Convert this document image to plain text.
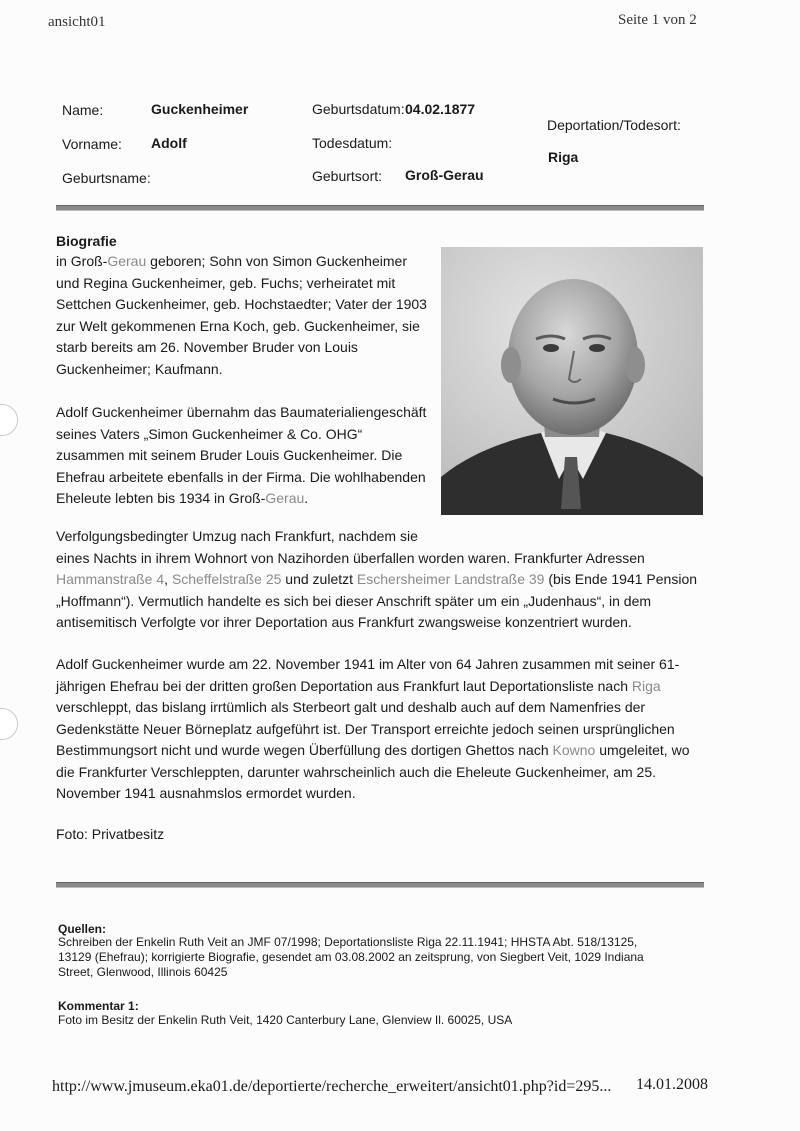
ansicht01	Seite 1 von 2
Name:	Guckenheimer
Vorname: Adolf
Geburtsname:
Geburtsdatum: 04.02.1877
Todesdatum:
Geburtsort: Groß-Gerau
Deportation/Todesort:
Riga
Biografie
in Groß-Gerau geboren; Sohn von Simon Guckenheimer
und Regina Guckenheimer, geb. Fuchs; verheiratet mit
Settchen Guckenheimer, geb. Hochstaedter; Vater der 1903
zur Welt gekommenen Erna Koch, geb. Guckenheimer, sie
starb bereits am 26. November Bruder von Louis
Guckenheimer; Kaufmann.
Adolf Guckenheimer übernahm das Baumaterialiengeschäft
seines Vaters „Simon Guckenheimer & Co. OHG“
zusammen mit seinem Bruder Louis Guckenheimer. Die
Ehefrau arbeitete ebenfalls in der Firma. Die wohlhabenden
Eheleute lebten bis 1934 in Groß-Gerau.
Verfolgungsbedingter Umzug nach Frankfurt, nachdem sie
eines Nachts in ihrem Wohnort von Nazihorden überfallen worden waren. Frankfurter Adressen
Hammanstraße 4, Scheffelstraße 25 und zuletzt Eschersheimer Landstraße 39 (bis Ende 1941 Pension
„Hoffmann“). Vermutlich handelte es sich bei dieser Anschrift später um ein „Judenhaus“, in dem
antisemitisch Verfolgte vor ihrer Deportation aus Frankfurt zwangsweise konzentriert wurden.
Adolf Guckenheimer wurde am 22. November 1941 im Alter von 64 Jahren zusammen mit seiner 61-
jährigen Ehefrau bei der dritten großen Deportation aus Frankfurt laut Deportationsliste nach Riga
verschleppt, das bislang irrtümlich als Sterbeort galt und deshalb auch auf dem Namenfries der
Gedenkstätte Neuer Börneplatz aufgeführt ist. Der Transport erreichte jedoch seinen ursprünglichen
Bestimmungsort nicht und wurde wegen Überfüllung des dortigen Ghettos nach Kowno umgeleitet, wo
die Frankfurter Verschleppten, darunter wahrscheinlich auch die Eheleute Guckenheimer, am 25.
November 1941 ausnahmslos ermordet wurden.
Foto: Privatbesitz
Quellen:
Schreiben der Enkelin Ruth Veit an JMF 07/1998; Deportationsliste Riga 22.11.1941; HHSTA Abt. 518/13125,
13129 (Ehefrau); korrigierte Biografie, gesendet am 03.08.2002 an zeitsprung, von Siegbert Veit, 1029 Indiana
Street, Glenwood, Illinois 60425
Kommentar 1:
Foto im Besitz der Enkelin Ruth Veit, 1420 Canterbury Lane, Glenview Il. 60025, USA
http://www.jmuseum.eka01.de/deportierte/recherche_erweitert/ansicht01.php?id=295... 14.01.2008
